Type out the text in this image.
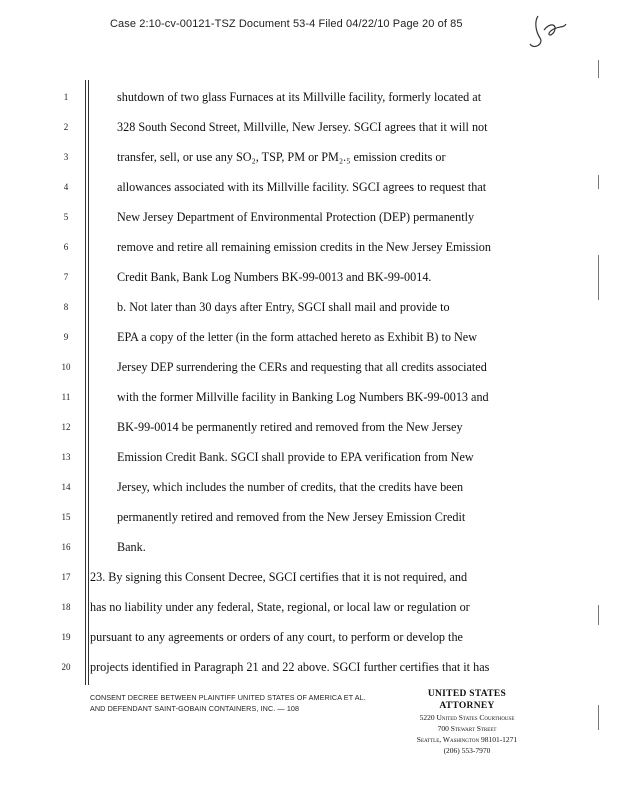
Case 2:10-cv-00121-TSZ Document 53-4 Filed 04/22/10 Page 20 of 85
1
2
3
4
5
6
7
8
9
10
11
12
13
14
15
16
17
18
19
20
shutdown of two glass Furnaces at its Millville facility, formerly located at
328 South Second Street, Millville, New Jersey. SGCI agrees that it will not
transfer, sell, or use any SO₂, TSP, PM or PM₂.₅ emission credits or
allowances associated with its Millville facility. SGCI agrees to request that
New Jersey Department of Environmental Protection (DEP) permanently
remove and retire all remaining emission credits in the New Jersey Emission
Credit Bank, Bank Log Numbers BK-99-0013 and BK-99-0014.
b. Not later than 30 days after Entry, SGCI shall mail and provide to
EPA a copy of the letter (in the form attached hereto as Exhibit B) to New
Jersey DEP surrendering the CERs and requesting that all credits associated
with the former Millville facility in Banking Log Numbers BK-99-0013 and
BK-99-0014 be permanently retired and removed from the New Jersey
Emission Credit Bank. SGCI shall provide to EPA verification from New
Jersey, which includes the number of credits, that the credits have been
permanently retired and removed from the New Jersey Emission Credit
Bank.
23. By signing this Consent Decree, SGCI certifies that it is not required, and
has no liability under any federal, State, regional, or local law or regulation or
pursuant to any agreements or orders of any court, to perform or develop the
projects identified in Paragraph 21 and 22 above. SGCI further certifies that it has
CONSENT DECREE BETWEEN PLAINTIFF UNITED STATES OF AMERICA ET AL.
AND DEFENDANT SAINT-GOBAIN CONTAINERS, INC. — 108
UNITED STATES ATTORNEY
5220 United States Courthouse
700 Stewart Street
Seattle, Washington 98101-1271
(206) 553-7970
